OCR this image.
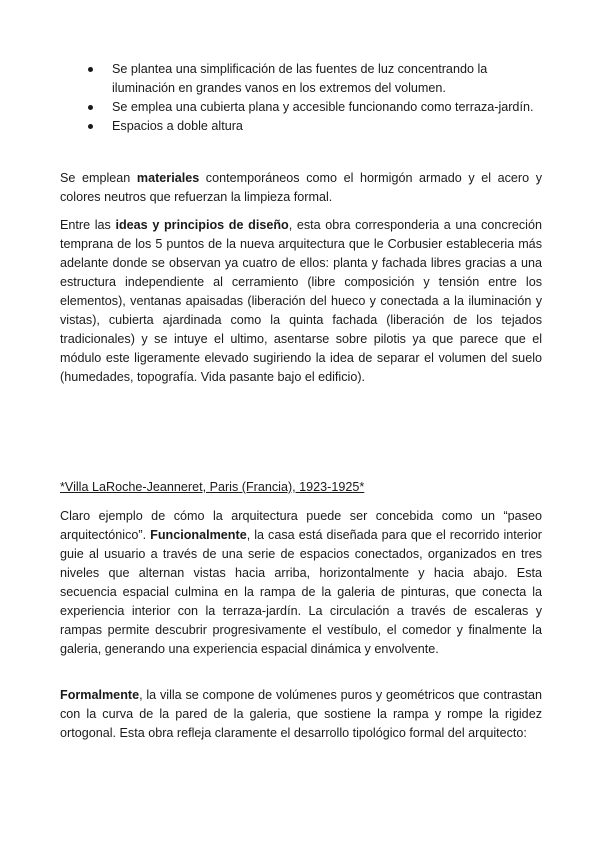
Se plantea una simplificación de las fuentes de luz concentrando la iluminación en grandes vanos en los extremos del volumen.
Se emplea una cubierta plana y accesible funcionando como terraza-jardín.
Espacios a doble altura

Se emplean materiales contemporáneos como el hormigón armado y el acero y colores neutros que refuerzan la limpieza formal.

Entre las ideas y principios de diseño, esta obra corresponderia a una concreción temprana de los 5 puntos de la nueva arquitectura que le Corbusier estableceria más adelante donde se observan ya cuatro de ellos: planta y fachada libres gracias a una estructura independiente al cerramiento (libre composición y tensión entre los elementos), ventanas apaisadas (liberación del hueco y conectada a la iluminación y vistas), cubierta ajardinada como la quinta fachada (liberación de los tejados tradicionales) y se intuye el ultimo, asentarse sobre pilotis ya que parece que el módulo este ligeramente elevado sugiriendo la idea de separar el volumen del suelo (humedades, topografía. Vida pasante bajo el edificio).

*Villa LaRoche-Jeanneret, Paris (Francia), 1923-1925*

Claro ejemplo de cómo la arquitectura puede ser concebida como un “paseo arquitectónico”. Funcionalmente, la casa está diseñada para que el recorrido interior guie al usuario a través de una serie de espacios conectados, organizados en tres niveles que alternan vistas hacia arriba, horizontalmente y hacia abajo. Esta secuencia espacial culmina en la rampa de la galeria de pinturas, que conecta la experiencia interior con la terraza-jardín. La circulación a través de escaleras y rampas permite descubrir progresivamente el vestíbulo, el comedor y finalmente la galeria, generando una experiencia espacial dinámica y envolvente.

Formalmente, la villa se compone de volúmenes puros y geométricos que contrastan con la curva de la pared de la galeria, que sostiene la rampa y rompe la rigidez ortogonal. Esta obra refleja claramente el desarrollo tipológico formal del arquitecto:
